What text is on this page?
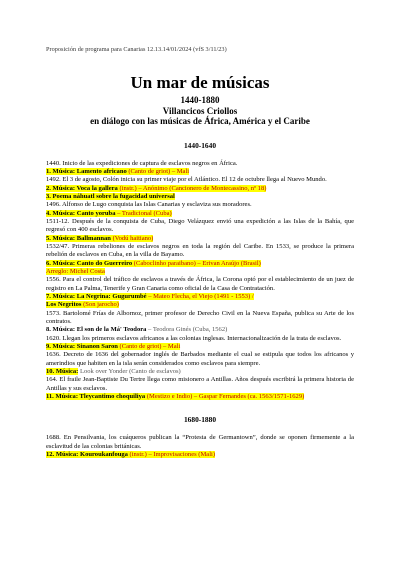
Proposición de programa para Canarias 12.13.14/01/2024 (vfS 3/11/23)

Un mar de músicas

1440-1880

Villancicos Criollos

en diálogo con las músicas de África, América y el Caribe

1440-1640

1440. Inicio de las expediciones de captura de esclavos negros en África.

1. Música: Lamento africano (Canto de griot) – Mali

1492. El 3 de agosto, Colón inicia su primer viaje por el Atlántico. El 12 de octubre llega al Nuevo Mundo.

2. Música: Voca la gallera (instr.) – Anónimo (Cancionero de Montecassino, nº 18)

3. Poema náhuatl sobre la fugacidad universal

1496. Alfonso de Lugo conquista las Islas Canarias y esclaviza sus moradores.

4. Música: Canto yoruba – Tradicional (Cuba)

1511-12. Después de la conquista de Cuba, Diego Velázquez envió una expedición a las Islas de la Bahía, que regresó con 400 esclavos.

5. Música: Ballmannan (Vodú haitiano)

1532/47. Primeras rebeliones de esclavos negros en toda la región del Caribe. En 1533, se produce la primera rebelión de esclavos en Cuba, en la villa de Bayamo.

6. Música: Canto do Guerreiro (Caboclinho paraibano) – Erivan Araújo (Brasil)

Arreglo: Michel Costa

1556. Para el control del tráfico de esclavos a través de África, la Corona optó por el establecimiento de un juez de registro en La Palma, Tenerife y Gran Canaria como oficial de la Casa de Contratación.

7. Música: La Negrina: Gugurumbé – Mateo Flecha, el Viejo (1491 - 1553) /

Los Negritos (Son jarocho)

1573. Bartolomé Frías de Albornoz, primer profesor de Derecho Civil en la Nueva España, publica su Arte de los contratos.

8. Música: El son de la Má' Teodora – Teodora Ginés (Cuba, 1562)

1620. Llegan los primeros esclavos africanos a las colonias inglesas. Internacionalización de la trata de esclavos.

9. Música: Sinanon Saron (Canto de griot) – Mali

1636. Decreto de 1636 del gobernador inglés de Barbados mediante el cual se estipula que todos los africanos y amerindios que habiten en la isla serán considerados como esclavos para siempre.

10. Música: Look over Yonder (Canto de esclavos)

164. El fraile Jean-Baptiste Du Tertre llega como misionero a Antillas. Años después escribirá la primera historia de Antillas y sus esclavos.

11. Música: Tleycantimo choquiliya (Mestizo e Indio) – Gaspar Fernandes (ca. 1563/1571-1629)

1680-1880

1688. En Pensilvania, los cuáqueros publican la “Protesta de Germantown”, donde se oponen firmemente a la esclavitud de las colonias británicas.

12. Música: Kouroukanfouga (instr.) – Improvisaciones (Mali)
